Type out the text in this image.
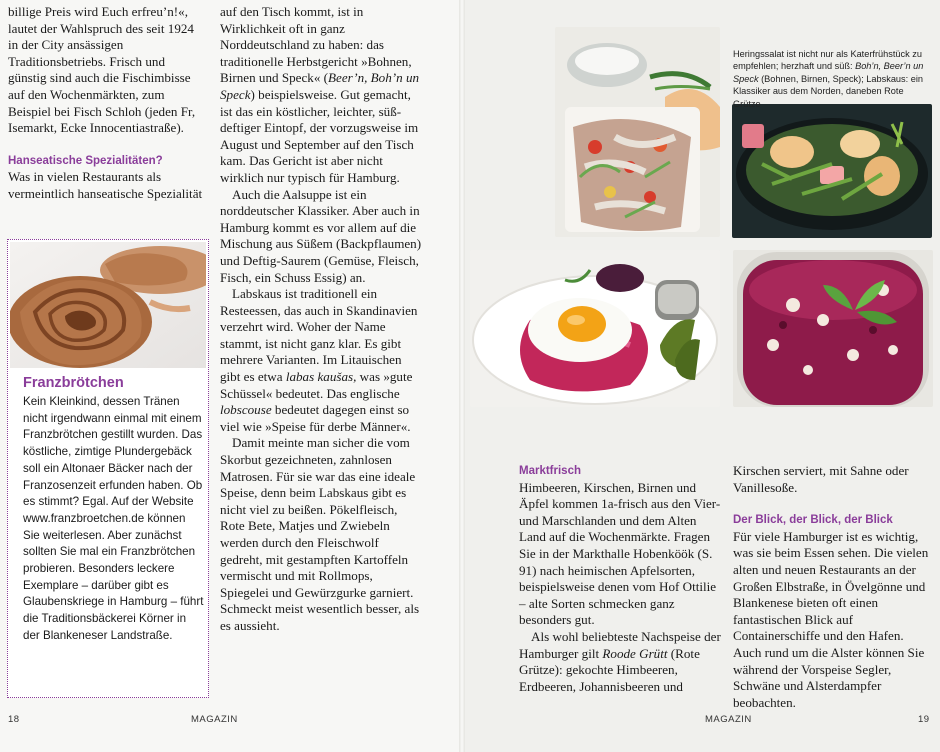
billige Preis wird Euch erfreu’n!«, lautet der Wahlspruch des seit 1924 in der City ansässigen Traditionsbetriebs. Frisch und günstig sind auch die Fischimbisse auf den Wochenmärkten, zum Beispiel bei Fisch Schloh (jeden Fr, Isemarkt, Ecke Innocentiastraße).

Hanseatische Spezialitäten?

Was in vielen Restaurants als vermeintlich hanseatische Spezialität

Franzbrötchen

Kein Kleinkind, dessen Tränen nicht irgendwann einmal mit einem Franzbrötchen gestillt wurden. Das köstliche, zimtige Plundergebäck soll ein Altonaer Bäcker nach der Franzosenzeit erfunden haben. Ob es stimmt? Egal. Auf der Website www.franzbroetchen.de können Sie weiterlesen. Aber zunächst sollten Sie mal ein Franzbrötchen probieren. Besonders leckere Exemplare – darüber gibt es Glaubenskriege in Hamburg – führt die Traditionsbäckerei Körner in der Blankeneser Landstraße.

auf den Tisch kommt, ist in Wirklichkeit oft in ganz Norddeutschland zu haben: das traditionelle Herbstgericht »Bohnen, Birnen und Speck« (Beer’n, Boh’n un Speck) beispielsweise. Gut gemacht, ist das ein köstlicher, leichter, süß-deftiger Eintopf, der vorzugsweise im August und September auf den Tisch kam. Das Gericht ist aber nicht wirklich nur typisch für Hamburg.

Auch die Aalsuppe ist ein norddeutscher Klassiker. Aber auch in Hamburg kommt es vor allem auf die Mischung aus Süßem (Backpflaumen) und Deftig-Saurem (Gemüse, Fleisch, Fisch, ein Schuss Essig) an.

Labskaus ist traditionell ein Resteessen, das auch in Skandinavien verzehrt wird. Woher der Name stammt, ist nicht ganz klar. Es gibt mehrere Varianten. Im Litauischen gibt es etwa labas kaušas, was »gute Schüssel« bedeutet. Das englische lobscouse bedeutet dagegen einst so viel wie »Speise für derbe Männer«.

Damit meinte man sicher die vom Skorbut gezeichneten, zahnlosen Matrosen. Für sie war das eine ideale Speise, denn beim Labskaus gibt es nicht viel zu beißen. Pökelfleisch, Rote Bete, Matjes und Zwiebeln werden durch den Fleischwolf gedreht, mit gestampften Kartoffeln vermischt und mit Rollmops, Spiegelei und Gewürzgurke garniert. Schmeckt meist wesentlich besser, als es aussieht.

Heringssalat ist nicht nur als Katerfrühstück zu empfehlen; herzhaft und süß: Boh’n, Beer’n un Speck (Bohnen, Birnen, Speck); Labskaus: ein Klassiker aus dem Norden, daneben Rote Grütze

Marktfrisch

Himbeeren, Kirschen, Birnen und Äpfel kommen 1a-frisch aus den Vier- und Marschlanden und dem Alten Land auf die Wochenmärkte. Fragen Sie in der Markthalle Hobenköök (S. 91) nach heimischen Apfelsorten, beispielsweise denen vom Hof Ottilie – alte Sorten schmecken ganz besonders gut.

Als wohl beliebteste Nachspeise der Hamburger gilt Roode Grütt (Rote Grütze): gekochte Himbeeren, Erdbeeren, Johannisbeeren und

Kirschen serviert, mit Sahne oder Vanillesoße.

Der Blick, der Blick, der Blick

Für viele Hamburger ist es wichtig, was sie beim Essen sehen. Die vielen alten und neuen Restaurants an der Großen Elbstraße, in Övelgönne und Blankenese bieten oft einen fantastischen Blick auf Containerschiffe und den Hafen. Auch rund um die Alster können Sie während der Vorspeise Segler, Schwäne und Alsterdampfer beobachten.

18	MAGAZIN	MAGAZIN	19
